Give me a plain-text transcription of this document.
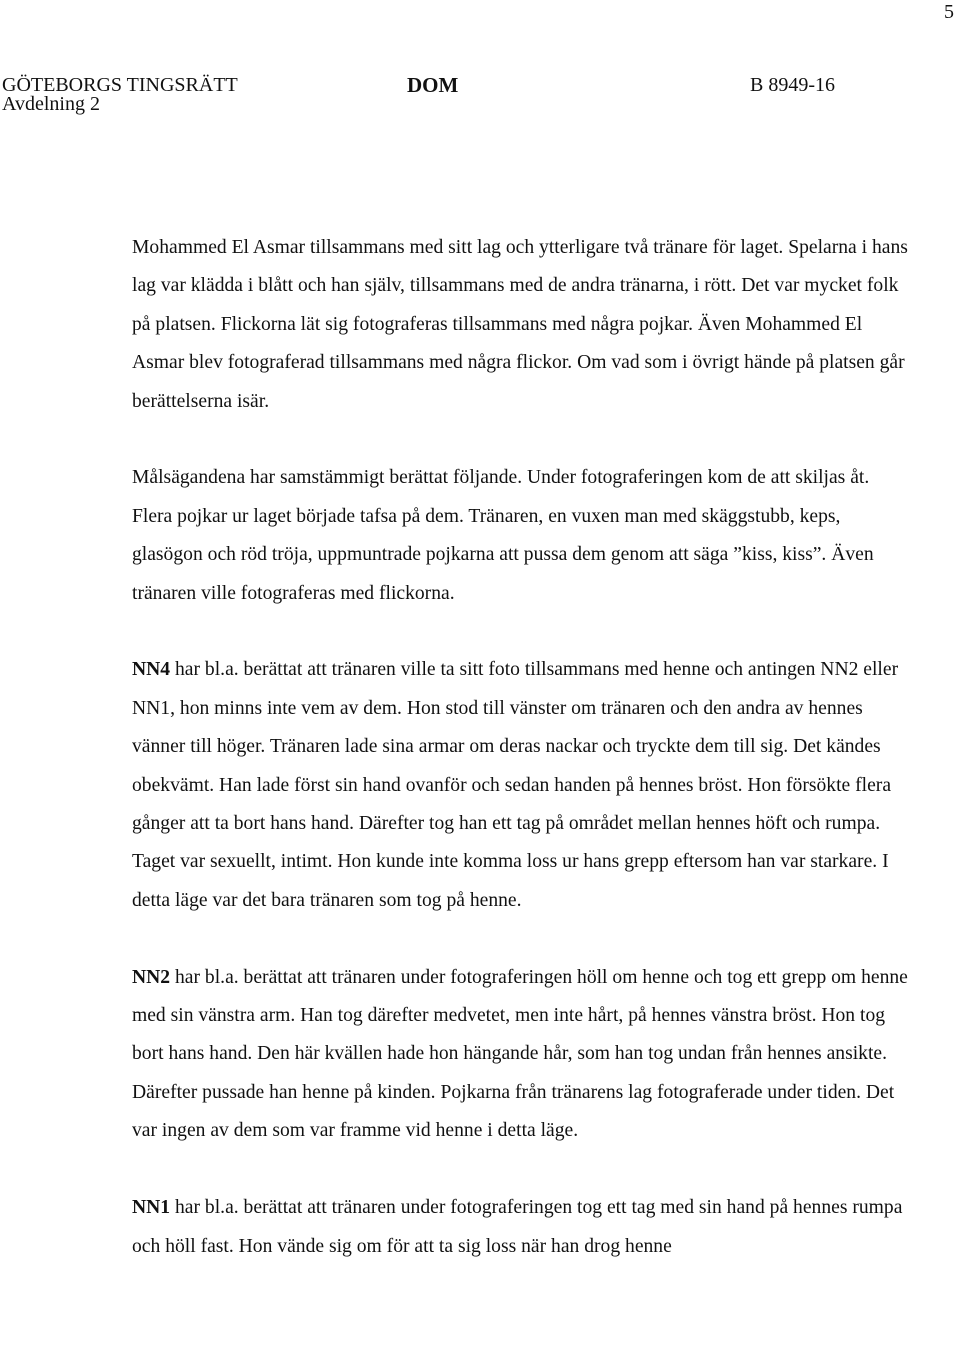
5
GÖTEBORGS TINGSRÄTT	DOM	B 8949-16
Avdelning 2

Mohammed El Asmar tillsammans med sitt lag och ytterligare två tränare för laget. Spelarna i hans lag var klädda i blått och han själv, tillsammans med de andra tränarna, i rött. Det var mycket folk på platsen. Flickorna lät sig fotograferas tillsammans med några pojkar. Även Mohammed El Asmar blev fotograferad tillsammans med några flickor. Om vad som i övrigt hände på platsen går berättelserna isär.

Målsägandena har samstämmigt berättat följande. Under fotograferingen kom de att skiljas åt. Flera pojkar ur laget började tafsa på dem. Tränaren, en vuxen man med skäggstubb, keps, glasögon och röd tröja, uppmuntrade pojkarna att pussa dem genom att säga ”kiss, kiss”. Även tränaren ville fotograferas med flickorna.

NN4 har bl.a. berättat att tränaren ville ta sitt foto tillsammans med henne och antingen NN2 eller NN1, hon minns inte vem av dem. Hon stod till vänster om tränaren och den andra av hennes vänner till höger. Tränaren lade sina armar om deras nackar och tryckte dem till sig. Det kändes obekvämt. Han lade först sin hand ovanför och sedan handen på hennes bröst. Hon försökte flera gånger att ta bort hans hand. Därefter tog han ett tag på området mellan hennes höft och rumpa. Taget var sexuellt, intimt. Hon kunde inte komma loss ur hans grepp eftersom han var starkare. I detta läge var det bara tränaren som tog på henne.

NN2 har bl.a. berättat att tränaren under fotograferingen höll om henne och tog ett grepp om henne med sin vänstra arm. Han tog därefter medvetet, men inte hårt, på hennes vänstra bröst. Hon tog bort hans hand. Den här kvällen hade hon hängande hår, som han tog undan från hennes ansikte. Därefter pussade han henne på kinden. Pojkarna från tränarens lag fotograferade under tiden. Det var ingen av dem som var framme vid henne i detta läge.

NN1 har bl.a. berättat att tränaren under fotograferingen tog ett tag med sin hand på hennes rumpa och höll fast. Hon vände sig om för att ta sig loss när han drog henne
